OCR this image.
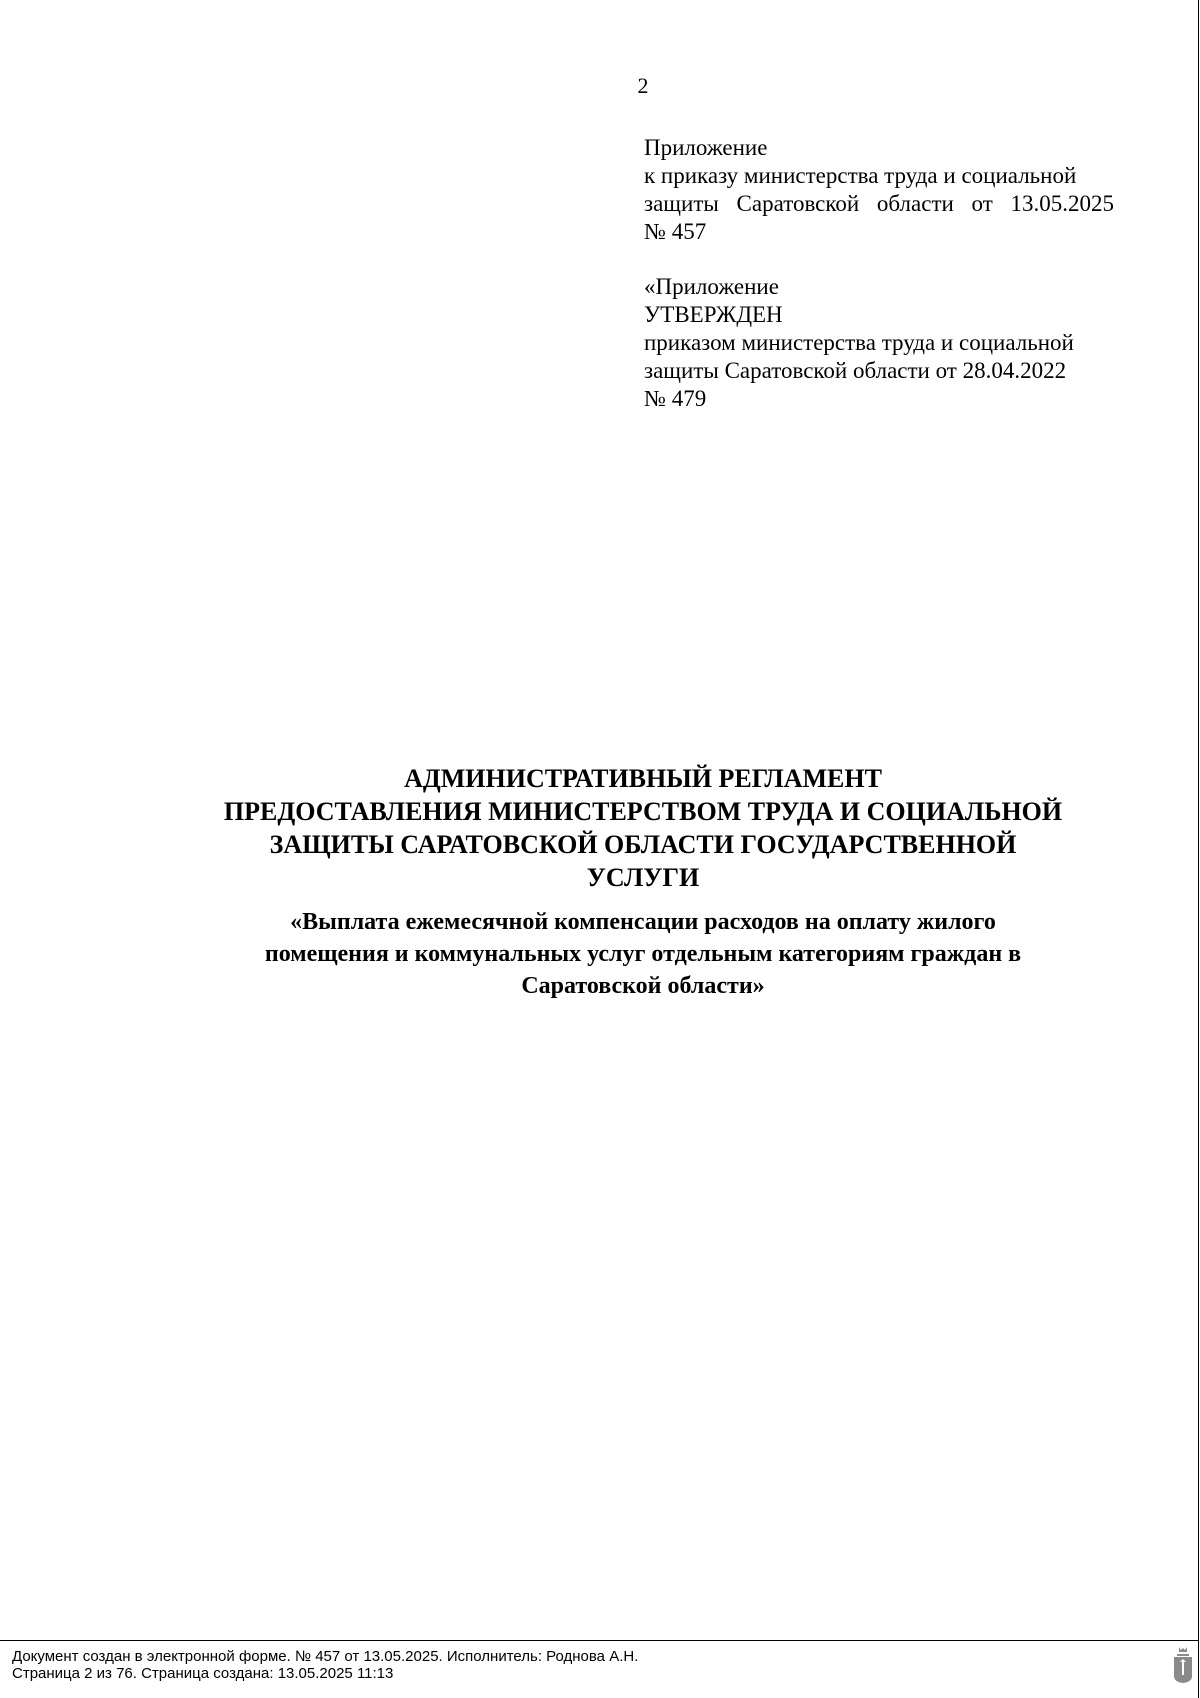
2
Приложение
к приказу министерства труда и социальной
защиты Саратовской области от 13.05.2025
№ 457
«Приложение
УТВЕРЖДЕН
приказом министерства труда и социальной
защиты Саратовской области от 28.04.2022
№ 479
АДМИНИСТРАТИВНЫЙ РЕГЛАМЕНТ
ПРЕДОСТАВЛЕНИЯ МИНИСТЕРСТВОМ ТРУДА И СОЦИАЛЬНОЙ
ЗАЩИТЫ САРАТОВСКОЙ ОБЛАСТИ ГОСУДАРСТВЕННОЙ
УСЛУГИ
«Выплата ежемесячной компенсации расходов на оплату жилого
помещения и коммунальных услуг отдельным категориям граждан в
Саратовской области»
Документ создан в электронной форме. № 457 от 13.05.2025. Исполнитель: Роднова А.Н.
Страница 2 из 76. Страница создана: 13.05.2025 11:13
